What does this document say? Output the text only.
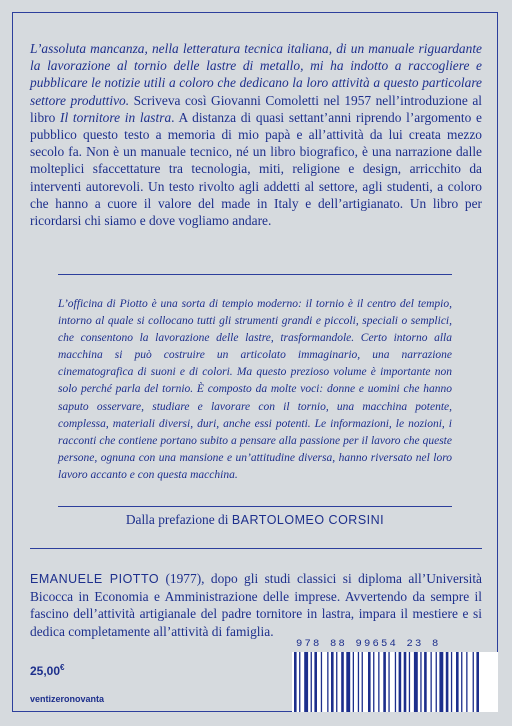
L’assoluta mancanza, nella letteratura tecnica italiana, di un manuale riguardante la lavorazione al tornio delle lastre di metallo, mi ha indotto a raccogliere e pubblicare le notizie utili a coloro che dedicano la loro attività a questo particolare settore produttivo. Scriveva così Giovanni Comoletti nel 1957 nell’introduzione al libro Il tornitore in lastra. A distanza di quasi settant’anni riprendo l’argomento e pubblico questo testo a memoria di mio papà e all’attività da lui creata mezzo secolo fa. Non è un manuale tecnico, né un libro biografico, è una narrazione dalle molteplici sfaccettature tra tecnologia, miti, religione e design, arricchito da interventi autorevoli. Un testo rivolto agli addetti al settore, agli studenti, a coloro che hanno a cuore il valore del made in Italy e dell’artigianato. Un libro per ricordarsi chi siamo e dove vogliamo andare.
L’officina di Piotto è una sorta di tempio moderno: il tornio è il centro del tempio, intorno al quale si collocano tutti gli strumenti grandi e piccoli, speciali o semplici, che consentono la lavorazione delle lastre, trasformandole. Certo intorno alla macchina si può costruire un articolato immaginario, una narrazione cinematografica di suoni e di colori. Ma questo prezioso volume è importante non solo perché parla del tornio. È composto da molte voci: donne e uomini che hanno saputo osservare, studiare e lavorare con il tornio, una macchina potente, complessa, materiali diversi, duri, anche essi potenti. Le informazioni, le nozioni, i racconti che contiene portano subito a pensare alla passione per il lavoro che queste persone, ognuna con una mansione e un’attitudine diversa, hanno riversato nel loro lavoro accanto e con questa macchina.
Dalla prefazione di BARTOLOMEO CORSINI
EMANUELE PIOTTO (1977), dopo gli studi classici si diploma all’Università Bicocca in Economia e Amministrazione delle imprese. Avvertendo da sempre il fascino dell’attività artigianale del padre tornitore in lastra, impara il mestiere e si dedica completamente all’attività di famiglia.
25,00€
ventizeronovanta
978 88 99654 23 8
